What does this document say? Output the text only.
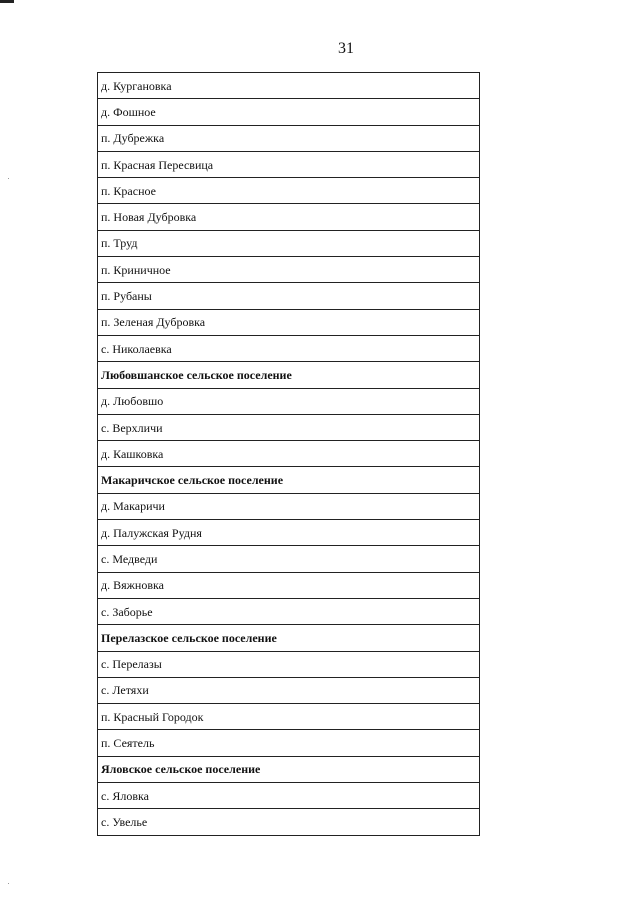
31
д. Кургановка
д. Фошное
п. Дубрежка
п. Красная Пересвица
п. Красное
п. Новая Дубровка
п. Труд
п. Криничное
п. Рубаны
п. Зеленая Дубровка
с. Николаевка
Любовшанское сельское поселение
д. Любовшо
с. Верхличи
д. Кашковка
Макаричское сельское поселение
д. Макаричи
д. Палужская Рудня
с. Медведи
д. Вяжновка
с. Заборье
Перелазское сельское поселение
с. Перелазы
с. Летяхи
п. Красный Городок
п. Сеятель
Яловское сельское поселение
с. Яловка
с. Увелье
